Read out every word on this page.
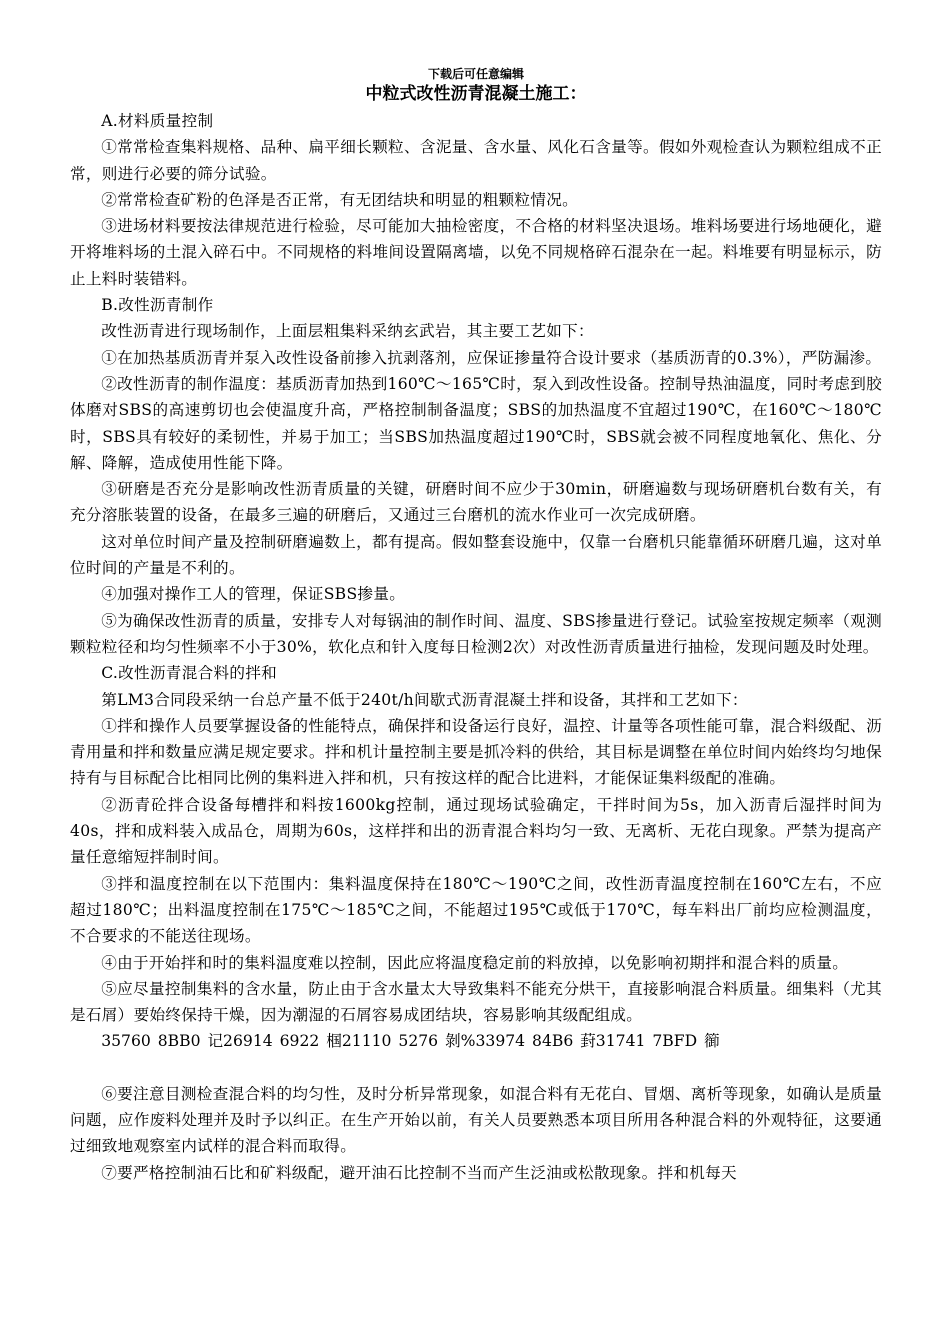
下载后可任意编辑
中粒式改性沥青混凝土施工：

A.材料质量控制

①常常检查集料规格、品种、扁平细长颗粒、含泥量、含水量、风化石含量等。假如外观检查认为颗粒组成不正常，则进行必要的筛分试验。

②常常检查矿粉的色泽是否正常，有无团结块和明显的粗颗粒情况。

③进场材料要按法律规范进行检验，尽可能加大抽检密度，不合格的材料坚决退场。堆料场要进行场地硬化，避开将堆料场的土混入碎石中。不同规格的料堆间设置隔离墙，以免不同规格碎石混杂在一起。料堆要有明显标示，防止上料时装错料。

B.改性沥青制作

改性沥青进行现场制作，上面层粗集料采纳玄武岩，其主要工艺如下：

①在加热基质沥青并泵入改性设备前掺入抗剥落剂，应保证掺量符合设计要求（基质沥青的0.3%），严防漏渗。

②改性沥青的制作温度：基质沥青加热到160℃～165℃时，泵入到改性设备。控制导热油温度，同时考虑到胶体磨对SBS的高速剪切也会使温度升高，严格控制制备温度；SBS的加热温度不宜超过190℃，在160℃～180℃时，SBS具有较好的柔韧性，并易于加工；当SBS加热温度超过190℃时，SBS就会被不同程度地氧化、焦化、分解、降解，造成使用性能下降。

③研磨是否充分是影响改性沥青质量的关键，研磨时间不应少于30min，研磨遍数与现场研磨机台数有关，有充分溶胀装置的设备，在最多三遍的研磨后，又通过三台磨机的流水作业可一次完成研磨。

这对单位时间产量及控制研磨遍数上，都有提高。假如整套设施中，仅靠一台磨机只能靠循环研磨几遍，这对单位时间的产量是不利的。

④加强对操作工人的管理，保证SBS掺量。

⑤为确保改性沥青的质量，安排专人对每锅油的制作时间、温度、SBS掺量进行登记。试验室按规定频率（观测颗粒粒径和均匀性频率不小于30%，软化点和针入度每日检测2次）对改性沥青质量进行抽检，发现问题及时处理。

C.改性沥青混合料的拌和

第LM3合同段采纳一台总产量不低于240t/h间歇式沥青混凝土拌和设备，其拌和工艺如下：

①拌和操作人员要掌握设备的性能特点，确保拌和设备运行良好，温控、计量等各项性能可靠，混合料级配、沥青用量和拌和数量应满足规定要求。拌和机计量控制主要是抓冷料的供给，其目标是调整在单位时间内始终均匀地保持有与目标配合比相同比例的集料进入拌和机，只有按这样的配合比进料，才能保证集料级配的准确。

②沥青砼拌合设备每槽拌和料按1600kg控制，通过现场试验确定，干拌时间为5s，加入沥青后湿拌时间为40s，拌和成料装入成品仓，周期为60s，这样拌和出的沥青混合料均匀一致、无离析、无花白现象。严禁为提高产量任意缩短拌制时间。

③拌和温度控制在以下范围内：集料温度保持在180℃～190℃之间，改性沥青温度控制在160℃左右，不应超过180℃；出料温度控制在175℃～185℃之间，不能超过195℃或低于170℃，每车料出厂前均应检测温度，不合要求的不能送往现场。

④由于开始拌和时的集料温度难以控制，因此应将温度稳定前的料放掉，以免影响初期拌和混合料的质量。

⑤应尽量控制集料的含水量，防止由于含水量太大导致集料不能充分烘干，直接影响混合料质量。细集料（尤其是石屑）要始终保持干燥，因为潮湿的石屑容易成团结块，容易影响其级配组成。

35760 8BB0 记26914 6922 椢21110 5276 剝%33974 84B6 葑31741 7BFD 篽

⑥要注意目测检查混合料的均匀性，及时分析异常现象，如混合料有无花白、冒烟、离析等现象，如确认是质量问题，应作废料处理并及时予以纠正。在生产开始以前，有关人员要熟悉本项目所用各种混合料的外观特征，这要通过细致地观察室内试样的混合料而取得。

⑦要严格控制油石比和矿料级配，避开油石比控制不当而产生泛油或松散现象。拌和机每天
